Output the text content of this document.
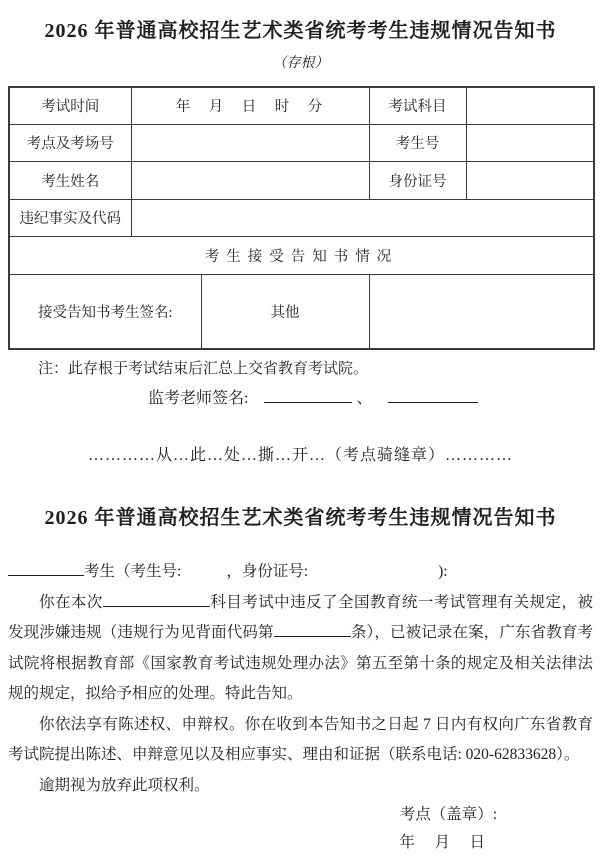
2026 年普通高校招生艺术类省统考考生违规情况告知书
（存根）
考试时间	年　月　日　时　分		考试科目	
考点及考场号			考生号	
考生姓名			身份证号	
违纪事实及代码				
考生接受告知书情况				
接受告知书考生签名:		其他		
注：此存根于考试结束后汇总上交省教育考试院。
监考老师签名:	、
…………从…此…处…撕…开…（考点骑缝章）…………
2026 年普通高校招生艺术类省统考考生违规情况告知书

考生（考生号:	，身份证号:	):

你在本次	科目考试中违反了全国教育统一考试管理有关规定，被发现涉嫌违规（违规行为见背面代码第	条），已被记录在案，广东省教育考试院将根据教育部《国家教育考试违规处理办法》第五至第十条的规定及相关法律法规的规定，拟给予相应的处理。特此告知。

你依法享有陈述权、申辩权。你在收到本告知书之日起 7 日内有权向广东省教育考试院提出陈述、申辩意见以及相应事实、理由和证据（联系电话: 020-62833628）。

逾期视为放弃此项权利。

考点（盖章）:
年　月　日
